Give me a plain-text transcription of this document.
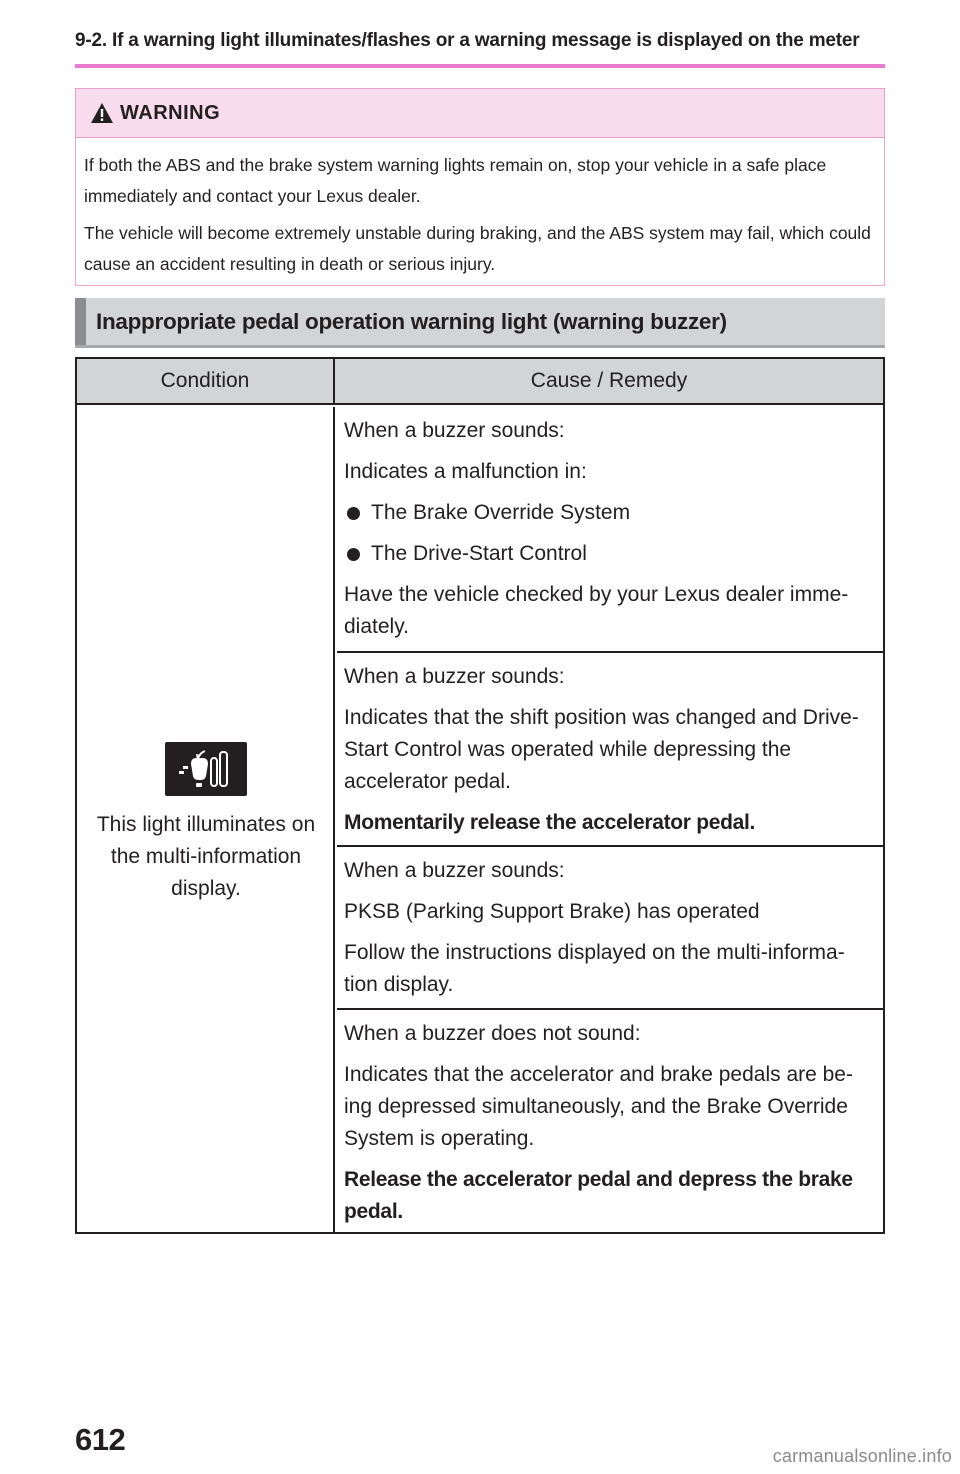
9-2. If a warning light illuminates/flashes or a warning message is displayed on the meter
WARNING

If both the ABS and the brake system warning lights remain on, stop your vehicle in a safe place immediately and contact your Lexus dealer.

The vehicle will become extremely unstable during braking, and the ABS system may fail, which could cause an accident resulting in death or serious injury.

Inappropriate pedal operation warning light (warning buzzer)
Condition	Cause / Remedy
This light illuminates on the multi-information display.

When a buzzer sounds:

Indicates a malfunction in:

The Brake Override System

The Drive-Start Control

Have the vehicle checked by your Lexus dealer imme-diately.

When a buzzer sounds:

Indicates that the shift position was changed and Drive-Start Control was operated while depressing the accelerator pedal.

Momentarily release the accelerator pedal.

When a buzzer sounds:

PKSB (Parking Support Brake) has operated

Follow the instructions displayed on the multi-informa-tion display.

When a buzzer does not sound:

Indicates that the accelerator and brake pedals are be-ing depressed simultaneously, and the Brake Override System is operating.

Release the accelerator pedal and depress the brake pedal.

612	carmanualsonline.info
